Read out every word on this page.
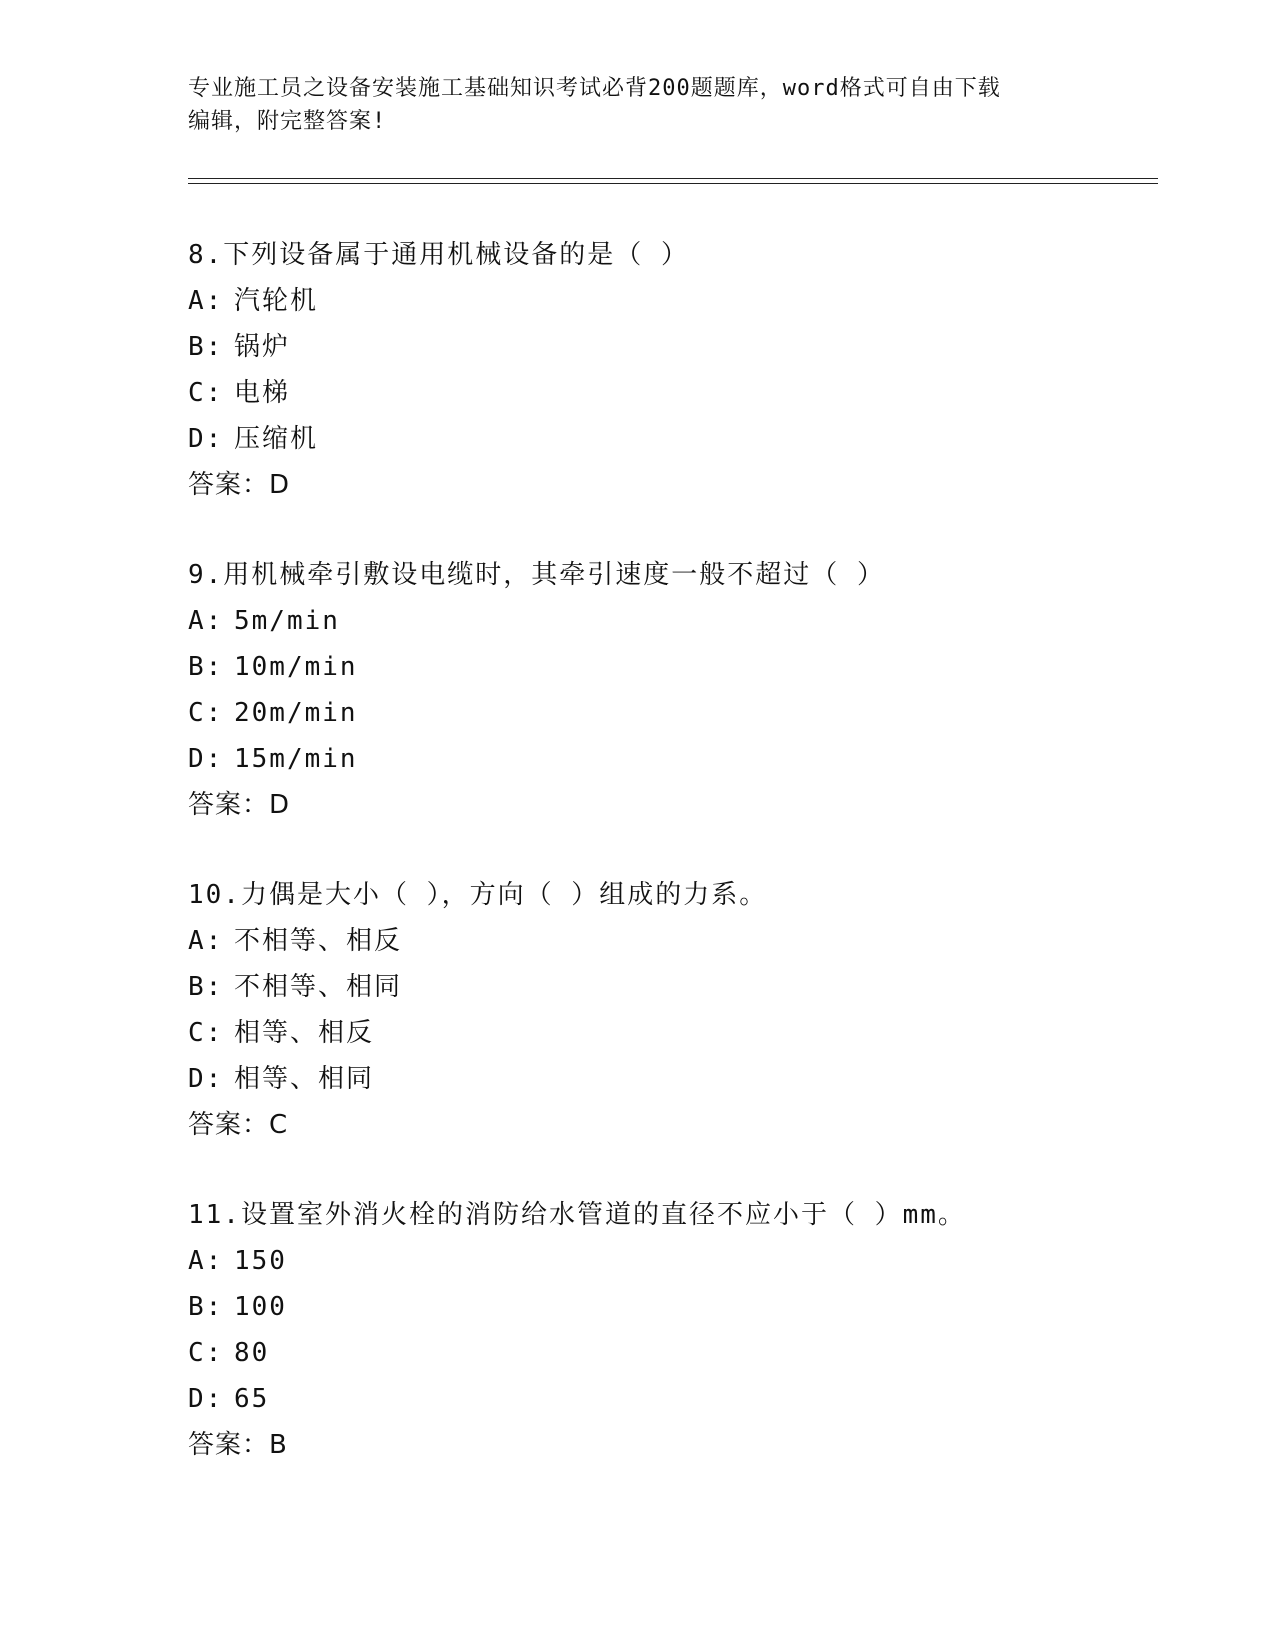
专业施工员之设备安装施工基础知识考试必背200题题库，word格式可自由下载
编辑，附完整答案!
8.下列设备属于通用机械设备的是（ ）
A: 汽轮机
B: 锅炉
C: 电梯
D: 压缩机
答案：D
9.用机械牵引敷设电缆时，其牵引速度一般不超过（ ）
A: 5m/min
B: 10m/min
C: 20m/min
D: 15m/min
答案：D
10.力偶是大小（ ），方向（ ）组成的力系。
A: 不相等、相反
B: 不相等、相同
C: 相等、相反
D: 相等、相同
答案：C
11.设置室外消火栓的消防给水管道的直径不应小于（ ）mm。
A: 150
B: 100
C: 80
D: 65
答案：B
